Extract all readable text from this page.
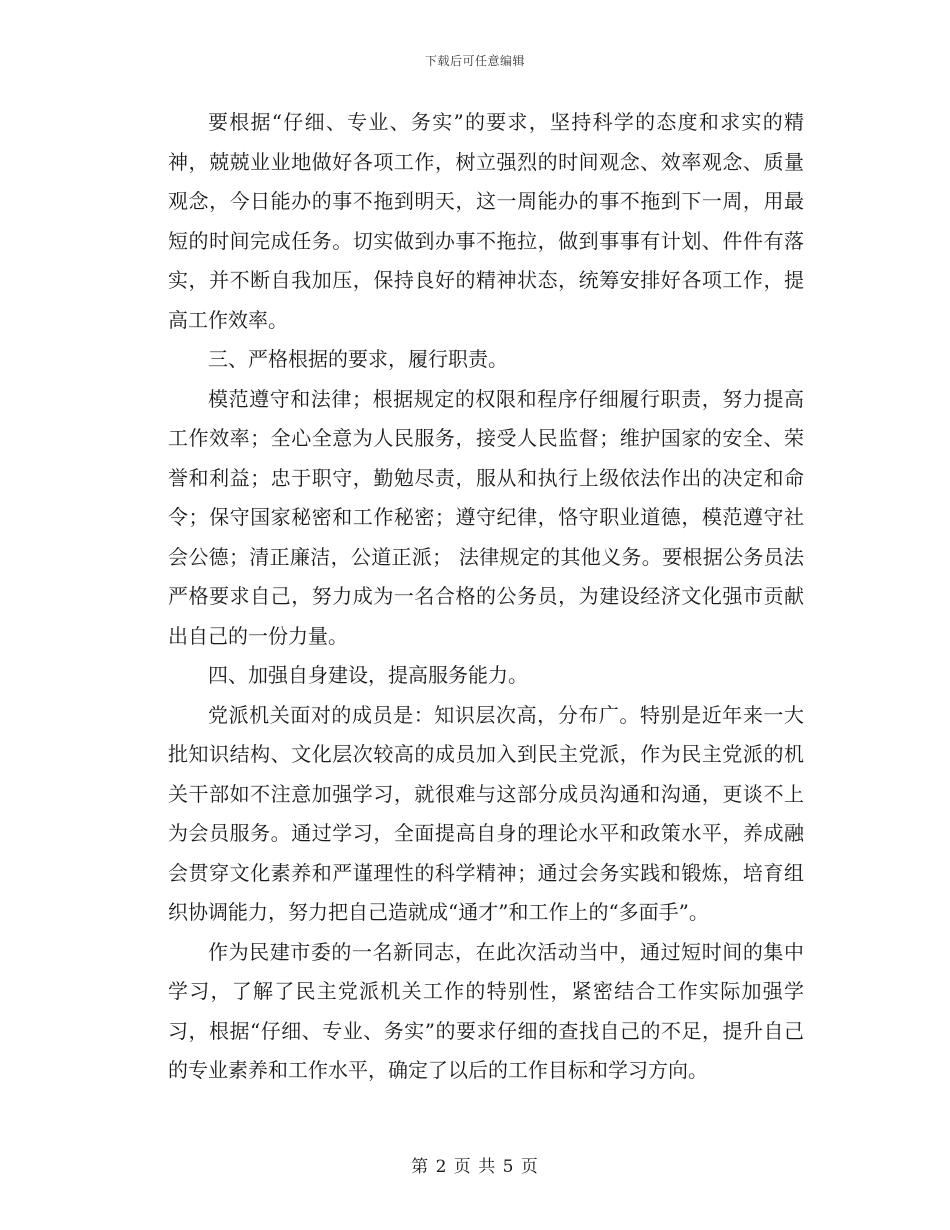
下载后可任意编辑

要根据“仔细、专业、务实”的要求，坚持科学的态度和求实的精神，兢兢业业地做好各项工作，树立强烈的时间观念、效率观念、质量观念，今日能办的事不拖到明天，这一周能办的事不拖到下一周，用最短的时间完成任务。切实做到办事不拖拉，做到事事有计划、件件有落实，并不断自我加压，保持良好的精神状态，统筹安排好各项工作，提高工作效率。

三、严格根据的要求，履行职责。

模范遵守和法律；根据规定的权限和程序仔细履行职责，努力提高工作效率；全心全意为人民服务，接受人民监督；维护国家的安全、荣誉和利益；忠于职守，勤勉尽责，服从和执行上级依法作出的决定和命令；保守国家秘密和工作秘密；遵守纪律，恪守职业道德，模范遵守社会公德；清正廉洁，公道正派； 法律规定的其他义务。要根据公务员法严格要求自己，努力成为一名合格的公务员，为建设经济文化强市贡献出自己的一份力量。

四、加强自身建设，提高服务能力。

党派机关面对的成员是：知识层次高，分布广。特别是近年来一大批知识结构、文化层次较高的成员加入到民主党派，作为民主党派的机关干部如不注意加强学习，就很难与这部分成员沟通和沟通，更谈不上为会员服务。通过学习，全面提高自身的理论水平和政策水平，养成融会贯穿文化素养和严谨理性的科学精神；通过会务实践和锻炼，培育组织协调能力，努力把自己造就成“通才”和工作上的“多面手”。

作为民建市委的一名新同志，在此次活动当中，通过短时间的集中学习，了解了民主党派机关工作的特别性，紧密结合工作实际加强学习，根据“仔细、专业、务实”的要求仔细的查找自己的不足，提升自己的专业素养和工作水平，确定了以后的工作目标和学习方向。

第 2 页 共 5 页
